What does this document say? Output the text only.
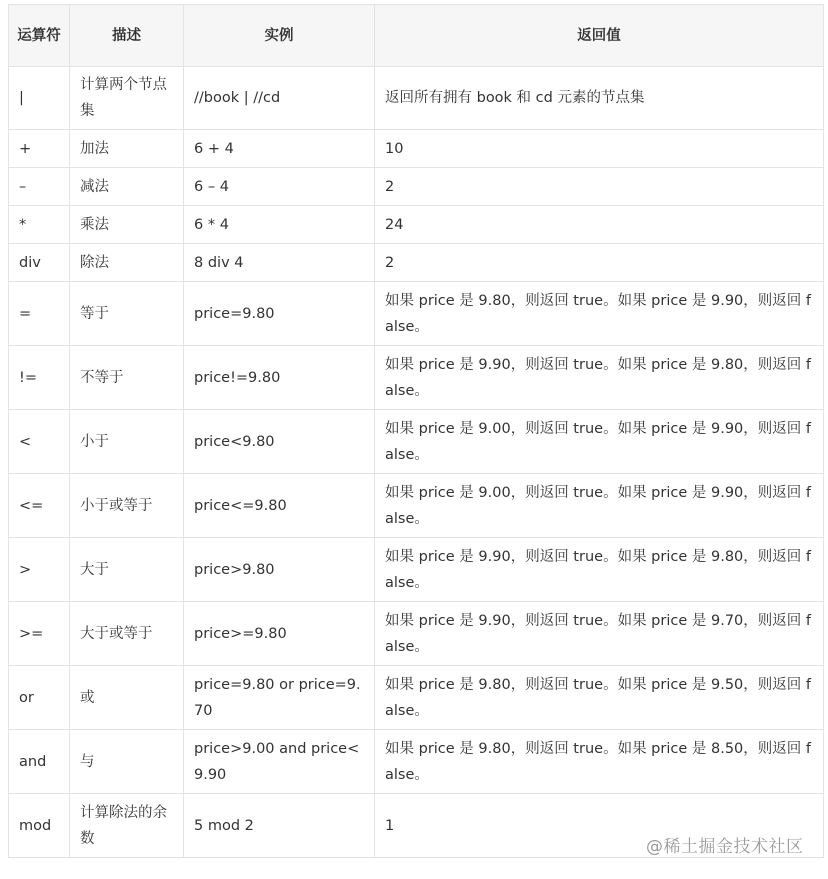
运算符	描述	实例	返回值
|	计算两个节点集	//book | //cd	返回所有拥有 book 和 cd 元素的节点集
+	加法	6 + 4	10
–	减法	6 – 4	2
*	乘法	6 * 4	24
div	除法	8 div 4	2
=	等于	price=9.80	如果 price 是 9.80，则返回 true。如果 price 是 9.90，则返回 false。
!=	不等于	price!=9.80	如果 price 是 9.90，则返回 true。如果 price 是 9.80，则返回 false。
<	小于	price<9.80	如果 price 是 9.00，则返回 true。如果 price 是 9.90，则返回 false。
<=	小于或等于	price<=9.80	如果 price 是 9.00，则返回 true。如果 price 是 9.90，则返回 false。
>	大于	price>9.80	如果 price 是 9.90，则返回 true。如果 price 是 9.80，则返回 false。
>=	大于或等于	price>=9.80	如果 price 是 9.90，则返回 true。如果 price 是 9.70，则返回 false。
or	或	price=9.80 or price=9.70	如果 price 是 9.80，则返回 true。如果 price 是 9.50，则返回 false。
and	与	price>9.00 and price<9.90	如果 price 是 9.80，则返回 true。如果 price 是 8.50，则返回 false。
mod	计算除法的余数	5 mod 2	1
@稀土掘金技术社区
